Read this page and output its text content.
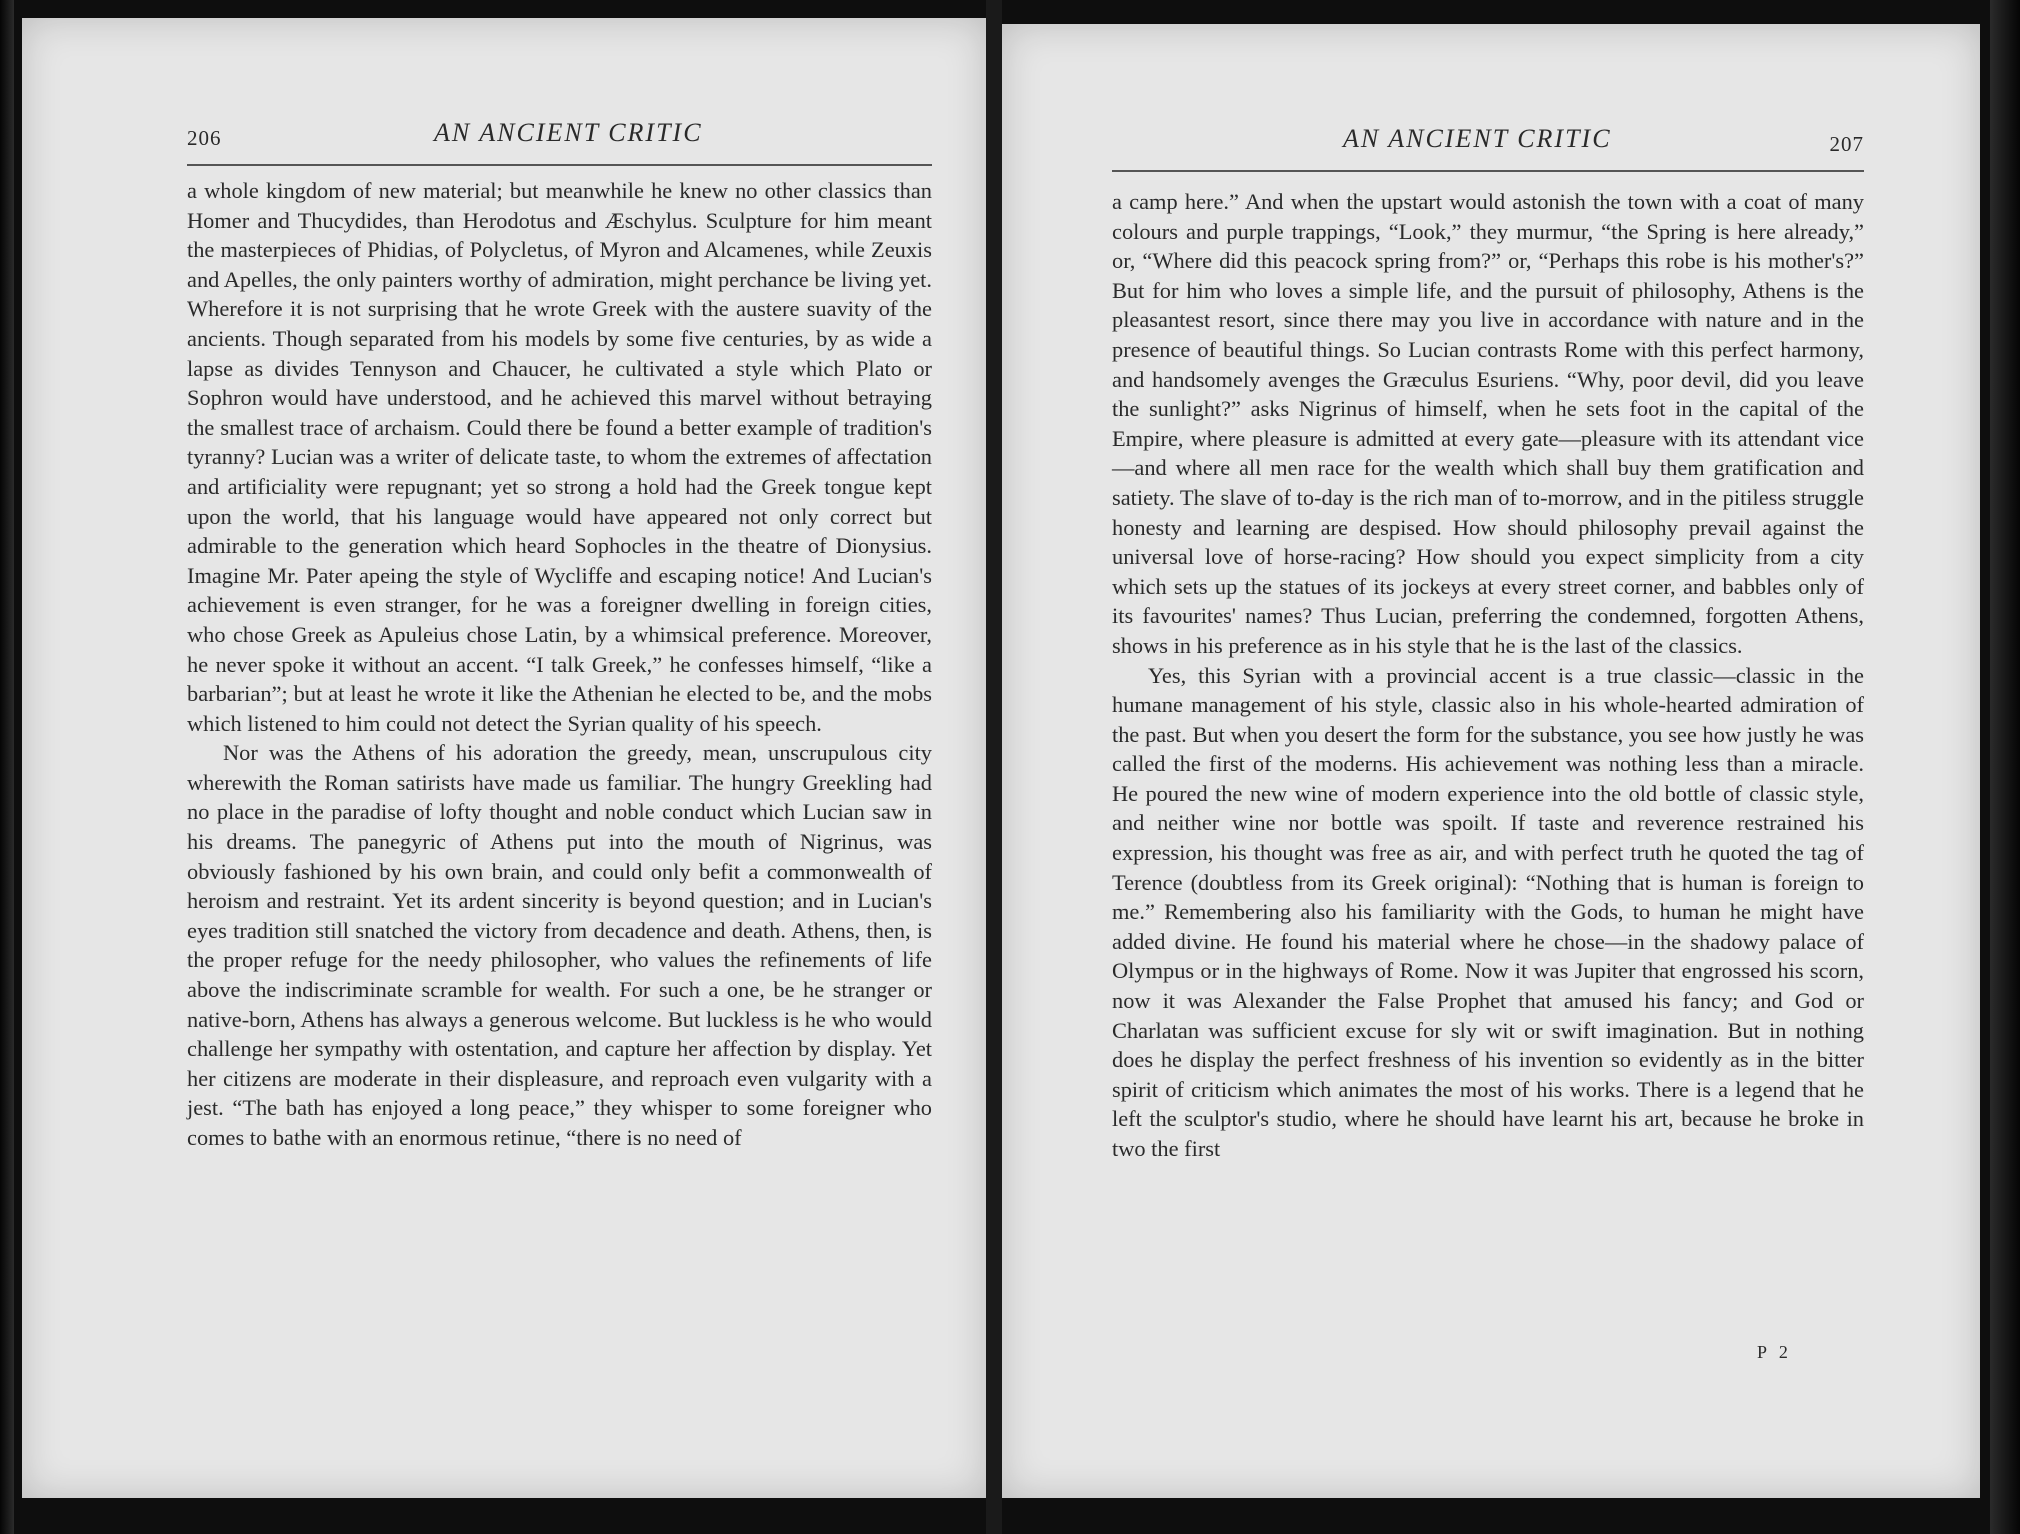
206	AN ANCIENT CRITIC

a whole kingdom of new material; but meanwhile he knew no other classics than Homer and Thucydides, than Herodotus and Æschylus. Sculpture for him meant the masterpieces of Phidias, of Polycletus, of Myron and Alcamenes, while Zeuxis and Apelles, the only painters worthy of admiration, might perchance be living yet. Wherefore it is not surprising that he wrote Greek with the austere suavity of the ancients. Though separated from his models by some five centuries, by as wide a lapse as divides Tennyson and Chaucer, he cultivated a style which Plato or Sophron would have understood, and he achieved this marvel without betraying the smallest trace of archaism. Could there be found a better example of tradition's tyranny? Lucian was a writer of delicate taste, to whom the extremes of affectation and artificiality were repugnant; yet so strong a hold had the Greek tongue kept upon the world, that his language would have appeared not only correct but admirable to the generation which heard Sophocles in the theatre of Dionysius. Imagine Mr. Pater apeing the style of Wycliffe and escaping notice! And Lucian's achievement is even stranger, for he was a foreigner dwelling in foreign cities, who chose Greek as Apuleius chose Latin, by a whimsical preference. Moreover, he never spoke it without an accent. “I talk Greek,” he confesses himself, “like a barbarian”; but at least he wrote it like the Athenian he elected to be, and the mobs which listened to him could not detect the Syrian quality of his speech.

Nor was the Athens of his adoration the greedy, mean, unscrupulous city wherewith the Roman satirists have made us familiar. The hungry Greekling had no place in the paradise of lofty thought and noble conduct which Lucian saw in his dreams. The panegyric of Athens put into the mouth of Nigrinus, was obviously fashioned by his own brain, and could only befit a commonwealth of heroism and restraint. Yet its ardent sincerity is beyond question; and in Lucian's eyes tradition still snatched the victory from decadence and death. Athens, then, is the proper refuge for the needy philosopher, who values the refinements of life above the indiscriminate scramble for wealth. For such a one, be he stranger or native-born, Athens has always a generous welcome. But luckless is he who would challenge her sympathy with ostentation, and capture her affection by display. Yet her citizens are moderate in their displeasure, and reproach even vulgarity with a jest. “The bath has enjoyed a long peace,” they whisper to some foreigner who comes to bathe with an enormous retinue, “there is no need of

AN ANCIENT CRITIC	207

a camp here.” And when the upstart would astonish the town with a coat of many colours and purple trappings, “Look,” they murmur, “the Spring is here already,” or, “Where did this peacock spring from?” or, “Perhaps this robe is his mother's?” But for him who loves a simple life, and the pursuit of philosophy, Athens is the pleasantest resort, since there may you live in accordance with nature and in the presence of beautiful things. So Lucian contrasts Rome with this perfect harmony, and handsomely avenges the Græculus Esuriens. “Why, poor devil, did you leave the sunlight?” asks Nigrinus of himself, when he sets foot in the capital of the Empire, where pleasure is admitted at every gate—pleasure with its attendant vice—and where all men race for the wealth which shall buy them gratification and satiety. The slave of to-day is the rich man of to-morrow, and in the pitiless struggle honesty and learning are despised. How should philosophy prevail against the universal love of horse-racing? How should you expect simplicity from a city which sets up the statues of its jockeys at every street corner, and babbles only of its favourites' names? Thus Lucian, preferring the condemned, forgotten Athens, shows in his preference as in his style that he is the last of the classics.

Yes, this Syrian with a provincial accent is a true classic—classic in the humane management of his style, classic also in his whole-hearted admiration of the past. But when you desert the form for the substance, you see how justly he was called the first of the moderns. His achievement was nothing less than a miracle. He poured the new wine of modern experience into the old bottle of classic style, and neither wine nor bottle was spoilt. If taste and reverence restrained his expression, his thought was free as air, and with perfect truth he quoted the tag of Terence (doubtless from its Greek original): “Nothing that is human is foreign to me.” Remembering also his familiarity with the Gods, to human he might have added divine. He found his material where he chose—in the shadowy palace of Olympus or in the highways of Rome. Now it was Jupiter that engrossed his scorn, now it was Alexander the False Prophet that amused his fancy; and God or Charlatan was sufficient excuse for sly wit or swift imagination. But in nothing does he display the perfect freshness of his invention so evidently as in the bitter spirit of criticism which animates the most of his works. There is a legend that he left the sculptor's studio, where he should have learnt his art, because he broke in two the first

P 2
